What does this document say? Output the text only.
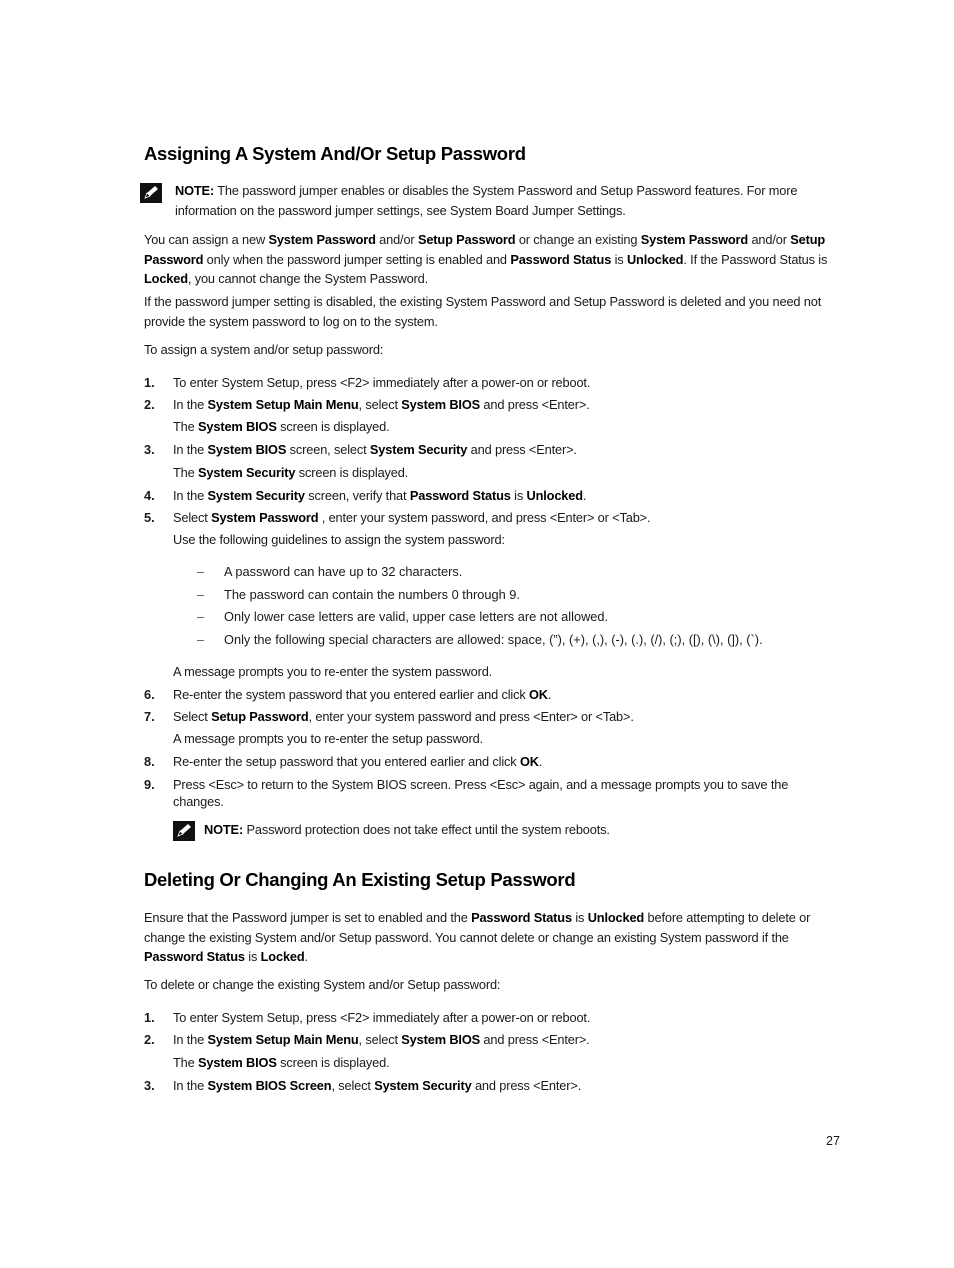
Assigning A System And/Or Setup Password
NOTE: The password jumper enables or disables the System Password and Setup Password features. For more information on the password jumper settings, see System Board Jumper Settings.
You can assign a new System Password and/or Setup Password or change an existing System Password and/or Setup Password only when the password jumper setting is enabled and Password Status is Unlocked. If the Password Status is Locked, you cannot change the System Password.
If the password jumper setting is disabled, the existing System Password and Setup Password is deleted and you need not provide the system password to log on to the system.
To assign a system and/or setup password:
1. To enter System Setup, press <F2> immediately after a power-on or reboot.
2. In the System Setup Main Menu, select System BIOS and press <Enter>.
The System BIOS screen is displayed.
3. In the System BIOS screen, select System Security and press <Enter>.
The System Security screen is displayed.
4. In the System Security screen, verify that Password Status is Unlocked.
5. Select System Password , enter your system password, and press <Enter> or <Tab>.
Use the following guidelines to assign the system password:
– A password can have up to 32 characters.
– The password can contain the numbers 0 through 9.
– Only lower case letters are valid, upper case letters are not allowed.
– Only the following special characters are allowed: space, (”), (+), (,), (-), (.), (/), (;), ([), (\), (]), (`).
A message prompts you to re-enter the system password.
6. Re-enter the system password that you entered earlier and click OK.
7. Select Setup Password, enter your system password and press <Enter> or <Tab>.
A message prompts you to re-enter the setup password.
8. Re-enter the setup password that you entered earlier and click OK.
9. Press <Esc> to return to the System BIOS screen. Press <Esc> again, and a message prompts you to save the changes.
NOTE: Password protection does not take effect until the system reboots.
Deleting Or Changing An Existing Setup Password
Ensure that the Password jumper is set to enabled and the Password Status is Unlocked before attempting to delete or change the existing System and/or Setup password. You cannot delete or change an existing System password if the Password Status is Locked.
To delete or change the existing System and/or Setup password:
1. To enter System Setup, press <F2> immediately after a power-on or reboot.
2. In the System Setup Main Menu, select System BIOS and press <Enter>.
The System BIOS screen is displayed.
3. In the System BIOS Screen, select System Security and press <Enter>.
27
